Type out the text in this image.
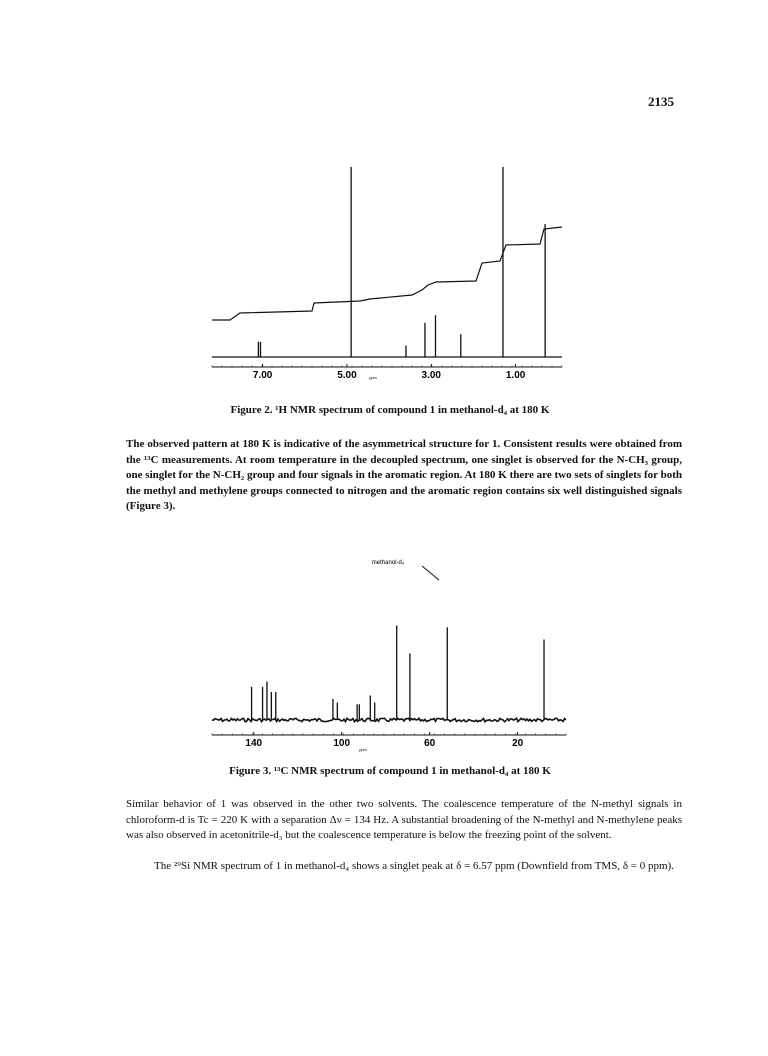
2135
7.00	5.00	3.00	1.00
ppm
Figure 2. ¹H NMR spectrum of compound 1 in methanol-d₄ at 180 K
The observed pattern at 180 K is indicative of the asymmetrical structure for 1. Consistent results were obtained from the ¹³C measurements. At room temperature in the decoupled spectrum, one singlet is observed for the N-CH₃ group, one singlet for the N-CH₂ group and four signals in the aromatic region. At 180 K there are two sets of singlets for both the methyl and methylene groups connected to nitrogen and the aromatic region contains six well distinguished signals (Figure 3).
methanol-d₄
140	100	60	20
ppm
Figure 3. ¹³C NMR spectrum of compound 1 in methanol-d₄ at 180 K
Similar behavior of 1 was observed in the other two solvents. The coalescence temperature of the N-methyl signals in chloroform-d is Tc = 220 K with a separation Δν = 134 Hz. A substantial broadening of the N-methyl and N-methylene peaks was also observed in acetonitrile-d₃ but the coalescence temperature is below the freezing point of the solvent.
The ²⁹Si NMR spectrum of 1 in methanol-d₄ shows a singlet peak at δ = 6.57 ppm (Downfield from TMS, δ = 0 ppm).
